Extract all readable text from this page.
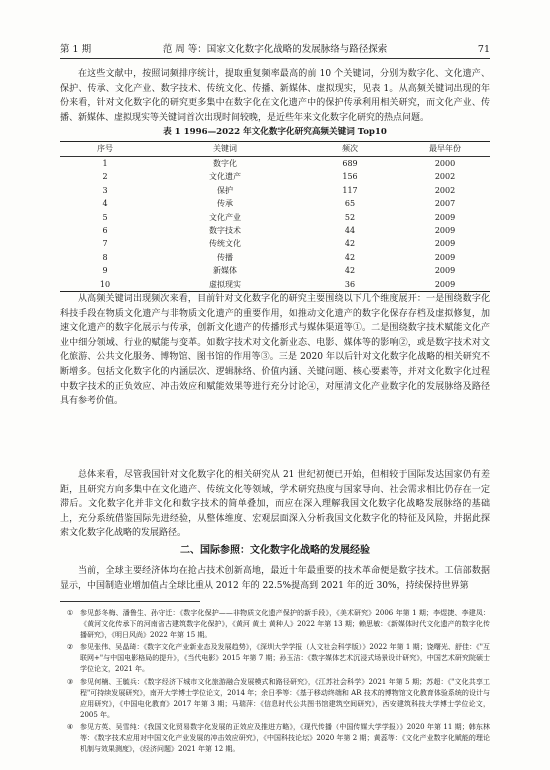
第 1 期	范 周 等：国家文化数字化战略的发展脉络与路径探索	71

在这些文献中，按照词频排序统计，提取重复频率最高的前 10 个关键词，分别为数字化、文化遗产、保护、传承、文化产业、数字技术、传统文化、传播、新媒体、虚拟现实，见表 1。从高频关键词出现的年份来看，针对文化数字化的研究更多集中在数字化在文化遗产中的保护传承利用相关研究，而文化产业、传播、新媒体、虚拟现实等关键词首次出现时间较晚，是近些年来文化数字化研究的热点问题。

表 1 1996—2022 年文化数字化研究高频关键词 Top10
序号	关键词	频次	最早年份
1	数字化	689	2000
2	文化遗产	156	2002
3	保护	117	2002
4	传承	65	2007
5	文化产业	52	2009
6	数字技术	44	2009
7	传统文化	42	2009
8	传播	42	2009
9	新媒体	42	2009
10	虚拟现实	36	2009

从高频关键词出现频次来看，目前针对文化数字化的研究主要围绕以下几个维度展开：一是围绕数字化科技手段在物质文化遗产与非物质文化遗产的重要作用，如推动文化遗产的数字化保存存档及虚拟修复，加速文化遗产的数字化展示与传承，创新文化遗产的传播形式与媒体渠道等①。二是围绕数字技术赋能文化产业中细分领域、行业的赋能与变革。如数字技术对文化新业态、电影、媒体等的影响②，或是数字技术对文化旅游、公共文化服务、博物馆、图书馆的作用等③。三是 2020 年以后针对文化数字化战略的相关研究不断增多。包括文化数字化的内涵层次、逻辑脉络、价值内涵、关键问题、核心要素等，并对文化数字化过程中数字技术的正负效应、冲击效应和赋能效果等进行充分讨论④，对厘清文化产业数字化的发展脉络及路径具有参考价值。

总体来看，尽管我国针对文化数字化的相关研究从 21 世纪初便已开始，但相较于国际发达国家仍有差距，且研究方向多集中在文化遗产、传统文化等领域，学术研究热度与国家导向、社会需求相比仍存在一定滞后。文化数字化并非文化和数字技术的简单叠加，而应在深入理解我国文化数字化战略发展脉络的基础上，充分系统借鉴国际先进经验，从整体维度、宏观层面深入分析我国文化数字化的特征及风险，并据此探索文化数字化战略的发展路径。

二、国际参照：文化数字化战略的发展经验

当前，全球主要经济体均在抢占技术创新高地，最近十年最重要的技术革命便是数字技术。工信部数据显示，中国制造业增加值占全球比重从 2012 年的 22.5%提高到 2021 年的近 30%，持续保持世界第

① 参见彭冬梅、潘鲁生、孙守迁：《数字化保护——非物质文化遗产保护的新手段》，《美术研究》2006 年第 1 期；李煜捷、李建凤：《黄河文化传承下的河南省古建筑数字化保护》，《黄河 黄土 黄种人》2022 年第 13 期；赖思敏：《新媒体时代文化遗产的数字化传播研究》，《明日风尚》2022 年第 15 期。
② 参见张伟、吴晶琦：《数字文化产业新业态及发展趋势》，《深圳大学学报（人文社会科学版）》2022 年第 1 期；饶曙光、舒佳：《"互联网+"与中国电影格局的提升》，《当代电影》2015 年第 7 期；孙玉洁：《数字媒体艺术沉浸式场景设计研究》，中国艺术研究院硕士学位论文，2021 年。
③ 参见何楠、王毓兵：《数字经济下城市文化旅游融合发展模式和路径研究》，《江苏社会科学》2021 年第 5 期；苏超：《"文化共享工程"可持续发展研究》，南开大学博士学位论文，2014 年；余日季等：《基于移动终端和 AR 技术的博物馆文化教育体验系统的设计与应用研究》，《中国电化教育》2017 年第 3 期；马瑞萍：《信息时代公共图书馆建筑空间研究》，西安建筑科技大学博士学位论文，2005 年。
④ 参见方英、吴雪纯：《我国文化贸易数字化发展的正效应及推进方略》，《现代传播（中国传媒大学学报）》2020 年第 11 期；韩东林等：《数字技术应用对中国文化产业发展的冲击效应研究》，《中国科技论坛》2020 年第 2 期；黄蕊等：《文化产业数字化赋能的理论机制与效果测度》，《经济问题》2021 年第 12 期。
